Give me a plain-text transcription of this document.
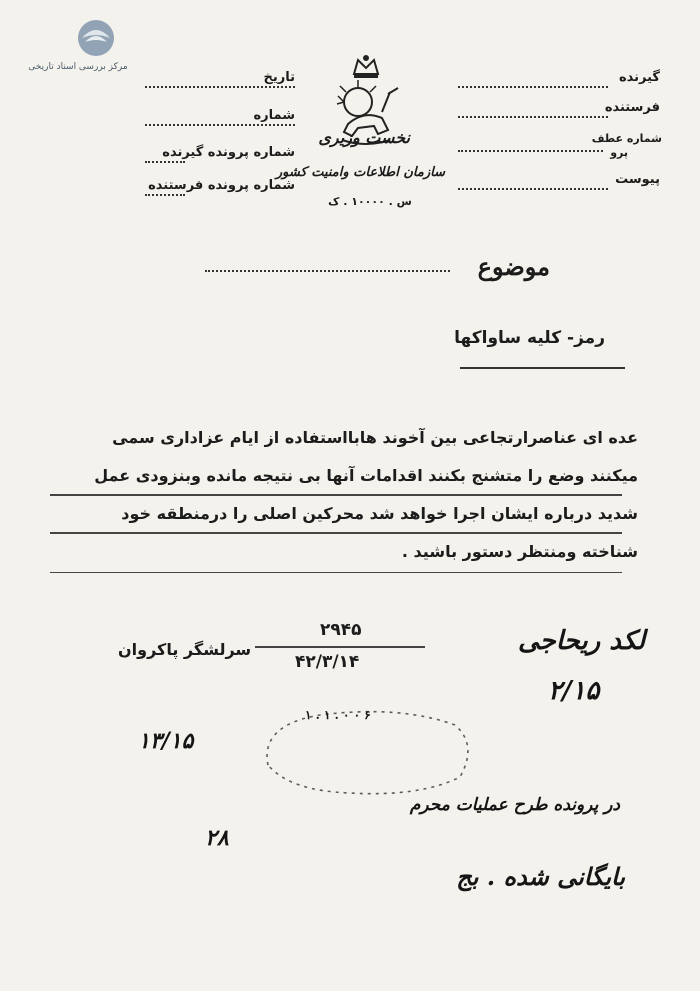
مرکز بررسی اسناد تاریخی
گیرنده
فرستنده
شماره عطف
پرو
پیوست
تاریخ
شماره
شماره پرونده گیرنده
شماره پرونده فرستنده
نخست وزیری
سازمان اطلاعات وامنیت کشور
س . ۱۰۰۰۰ . ک
موضوع
رمز- کلیه ساواکها
عده ای عناصرارتجاعی بین آخوند هابااستفاده از ایام عزاداری سمی
میکنند وضع را متشنج بکنند اقدامات آنها بی نتیجه مانده وبنزودی عمل
شدید درباره ایشان اجرا خواهد شد محرکین اصلی را درمنطقه خود
شناخته ومنتظر دستور باشید .
۲۹۴۵
۴۲/۳/۱۴
سرلشگر پاکروان	لکد ریحاجی
۲/۱۵
۱۳/۱۵
۱ . ۱ . ۰ ۰ ۶
در پرونده طرح عملیات محرم
بایگانی شده . بج
۲۸
